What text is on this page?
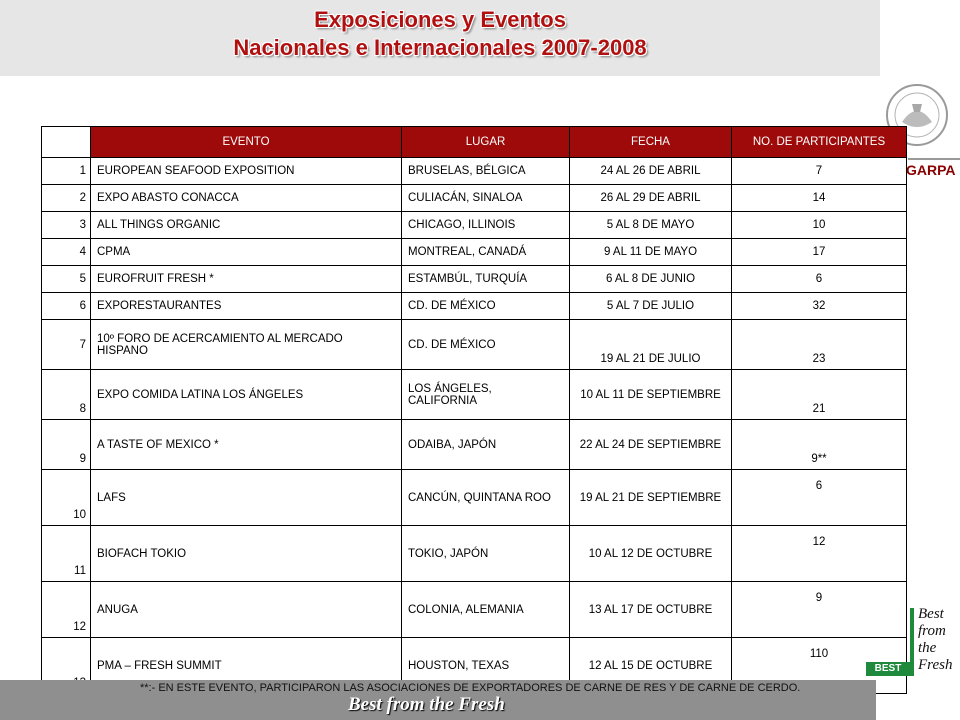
Exposiciones y Eventos
Nacionales e Internacionales 2007-2008
GARPA
	EVENTO	LUGAR	FECHA	NO. DE PARTICIPANTES
1	EUROPEAN SEAFOOD EXPOSITION	BRUSELAS, BÉLGICA	24 AL 26 DE ABRIL	7
2	EXPO ABASTO CONACCA	CULIACÁN, SINALOA	26 AL 29 DE ABRIL	14
3	ALL THINGS ORGANIC	CHICAGO, ILLINOIS	5 AL 8 DE MAYO	10
4	CPMA	MONTREAL, CANADÁ	9 AL 11 DE MAYO	17
5	EUROFRUIT FRESH *	ESTAMBÚL, TURQUÍA	6 AL 8 DE JUNIO	6
6	EXPORESTAURANTES	CD. DE MÉXICO	5 AL 7 DE JULIO	32
7	10º FORO DE ACERCAMIENTO AL MERCADO HISPANO	CD. DE MÉXICO	19 AL 21 DE JULIO	23
8	EXPO COMIDA LATINA LOS ÁNGELES	LOS ÁNGELES, CALIFORNIA	10 AL 11 DE SEPTIEMBRE	21
9	A TASTE OF MEXICO *	ODAIBA, JAPÓN	22 AL 24 DE SEPTIEMBRE	9**
10	LAFS	CANCÚN, QUINTANA ROO	19 AL 21 DE SEPTIEMBRE	6
11	BIOFACH TOKIO	TOKIO, JAPÓN	10 AL 12 DE OCTUBRE	12
12	ANUGA	COLONIA, ALEMANIA	13 AL 17 DE OCTUBRE	9
	PMA – FRESH SUMMIT	HOUSTON, TEXAS	12 AL 15 DE OCTUBRE	110
BEST
Best
from
the
Fresh
**:- EN ESTE EVENTO, PARTICIPARON LAS ASOCIACIONES DE EXPORTADORES DE CARNE DE RES Y DE CARNE DE CERDO.
Best from the Fresh
